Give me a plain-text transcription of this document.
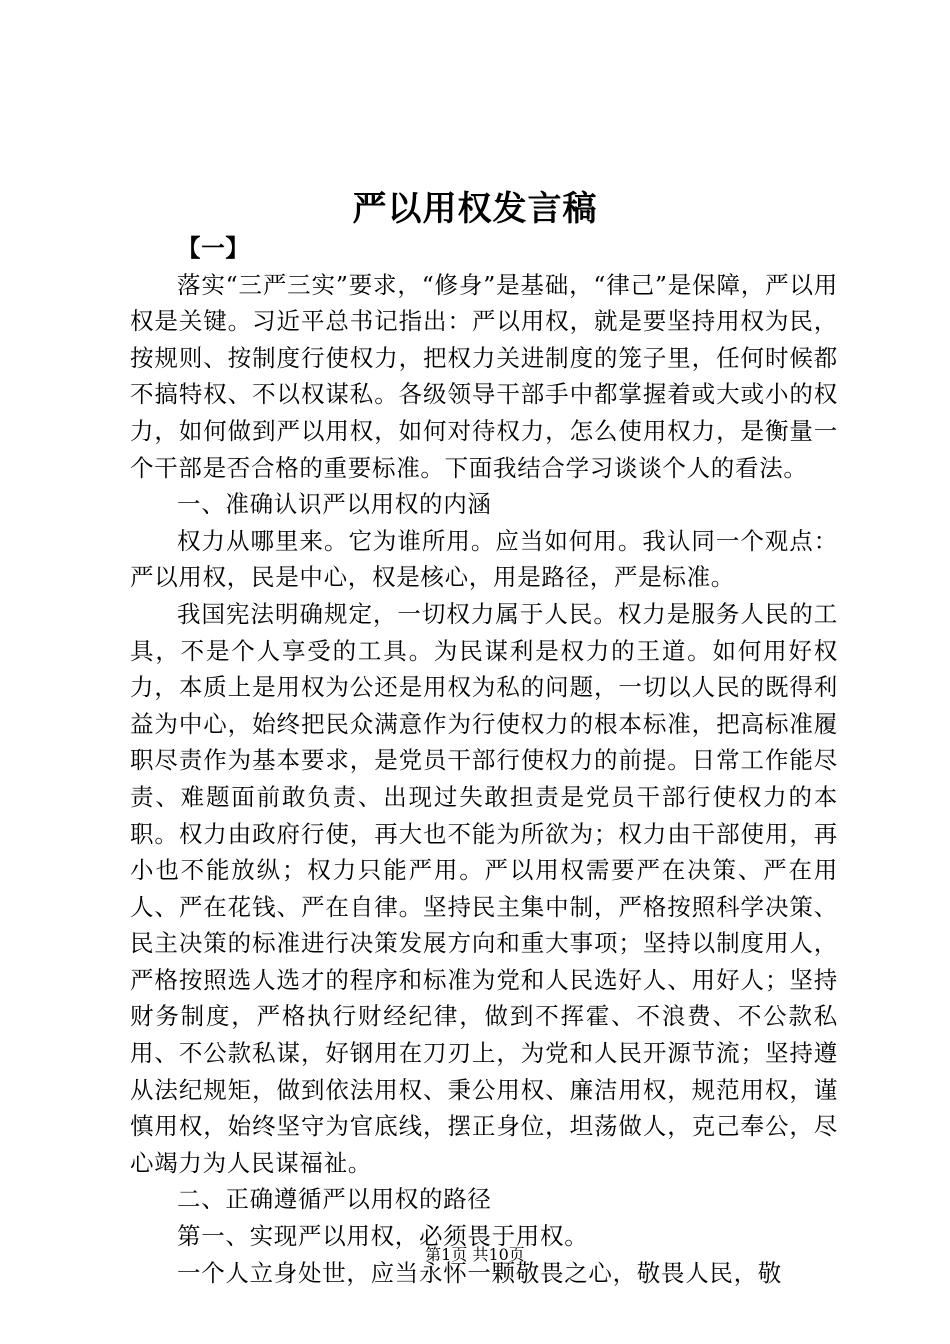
严以用权发言稿

【一】

落实“三严三实”要求，“修身”是基础，“律己”是保障，严以用权是关键。习近平总书记指出：严以用权，就是要坚持用权为民，按规则、按制度行使权力，把权力关进制度的笼子里，任何时候都不搞特权、不以权谋私。各级领导干部手中都掌握着或大或小的权力，如何做到严以用权，如何对待权力，怎么使用权力，是衡量一个干部是否合格的重要标准。下面我结合学习谈谈个人的看法。

一、准确认识严以用权的内涵

权力从哪里来。它为谁所用。应当如何用。我认同一个观点：严以用权，民是中心，权是核心，用是路径，严是标准。

我国宪法明确规定，一切权力属于人民。权力是服务人民的工具，不是个人享受的工具。为民谋利是权力的王道。如何用好权力，本质上是用权为公还是用权为私的问题，一切以人民的既得利益为中心，始终把民众满意作为行使权力的根本标准，把高标准履职尽责作为基本要求，是党员干部行使权力的前提。日常工作能尽责、难题面前敢负责、出现过失敢担责是党员干部行使权力的本职。权力由政府行使，再大也不能为所欲为；权力由干部使用，再小也不能放纵；权力只能严用。严以用权需要严在决策、严在用人、严在花钱、严在自律。坚持民主集中制，严格按照科学决策、民主决策的标准进行决策发展方向和重大事项；坚持以制度用人，严格按照选人选才的程序和标准为党和人民选好人、用好人；坚持财务制度，严格执行财经纪律，做到不挥霍、不浪费、不公款私用、不公款私谋，好钢用在刀刃上，为党和人民开源节流；坚持遵从法纪规矩，做到依法用权、秉公用权、廉洁用权，规范用权，谨慎用权，始终坚守为官底线，摆正身位，坦荡做人，克己奉公，尽心竭力为人民谋福祉。

二、正确遵循严以用权的路径

第一、实现严以用权，必须畏于用权。

一个人立身处世，应当永怀一颗敬畏之心，敬畏人民，敬

第1页 共10页
